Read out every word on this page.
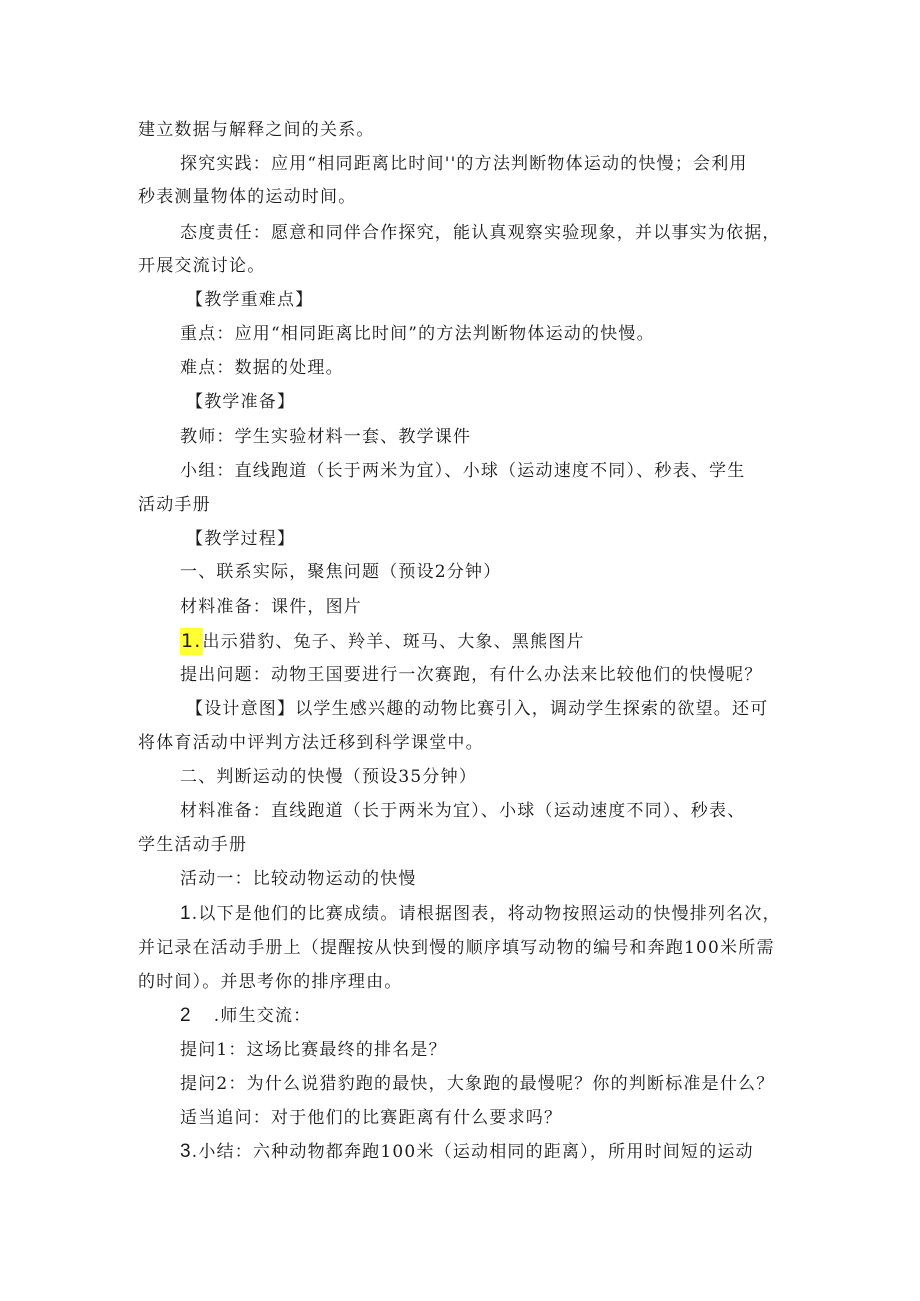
建立数据与解释之间的关系。
探究实践：应用“相同距离比时间''的方法判断物体运动的快慢；会利用
秒表测量物体的运动时间。
态度责任：愿意和同伴合作探究，能认真观察实验现象，并以事实为依据，
开展交流讨论。
【教学重难点】
重点：应用“相同距离比时间”的方法判断物体运动的快慢。
难点：数据的处理。
【教学准备】
教师：学生实验材料一套、教学课件
小组：直线跑道（长于两米为宜）、小球（运动速度不同）、秒表、学生
活动手册
【教学过程】
一、联系实际，聚焦问题（预设2分钟）
材料准备：课件，图片
1.出示猎豹、兔子、羚羊、斑马、大象、黑熊图片
提出问题：动物王国要进行一次赛跑，有什么办法来比较他们的快慢呢？
【设计意图】以学生感兴趣的动物比赛引入，调动学生探索的欲望。还可
将体育活动中评判方法迁移到科学课堂中。
二、判断运动的快慢（预设35分钟）
材料准备：直线跑道（长于两米为宜）、小球（运动速度不同）、秒表、
学生活动手册
活动一：比较动物运动的快慢
1.以下是他们的比赛成绩。请根据图表，将动物按照运动的快慢排列名次，
并记录在活动手册上（提醒按从快到慢的顺序填写动物的编号和奔跑100米所需
的时间）。并思考你的排序理由。
2 .师生交流：
提问1：这场比赛最终的排名是？
提问2：为什么说猎豹跑的最快，大象跑的最慢呢？你的判断标准是什么？
适当追问：对于他们的比赛距离有什么要求吗？
3.小结：六种动物都奔跑100米（运动相同的距离），所用时间短的运动
